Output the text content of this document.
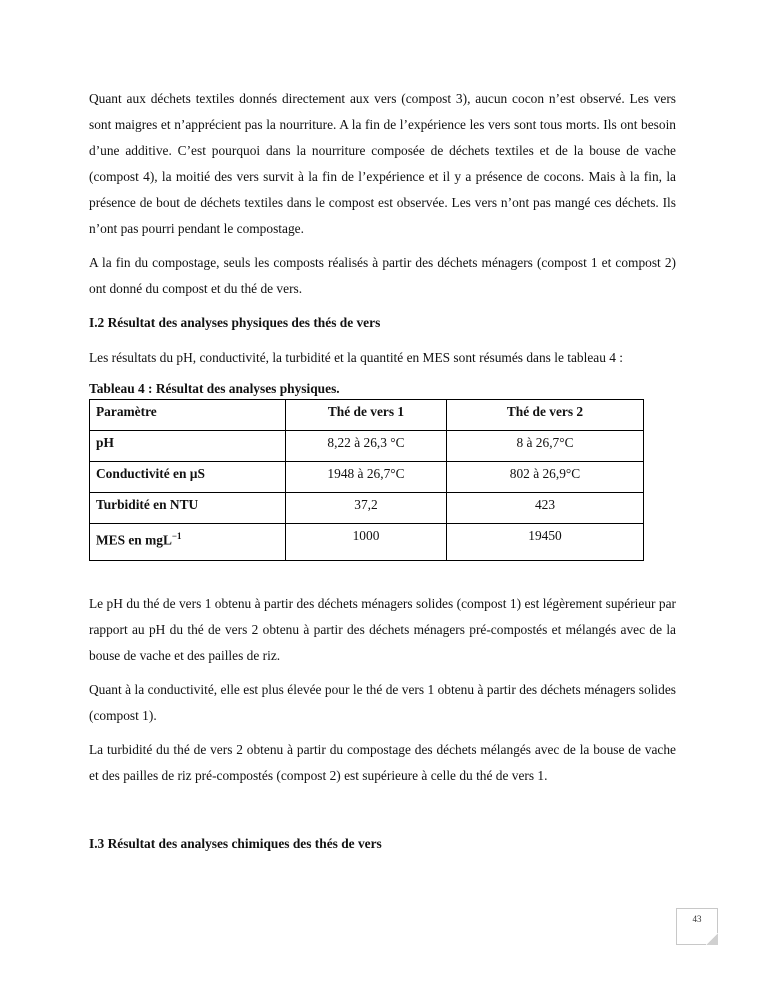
Quant aux déchets textiles donnés directement aux vers (compost 3), aucun cocon n’est observé. Les vers sont maigres et n’apprécient pas la nourriture. A la fin de l’expérience les vers sont tous morts. Ils ont besoin d’une additive. C’est pourquoi dans la nourriture composée de déchets textiles et de la bouse de vache (compost 4), la moitié des vers survit à la fin de l’expérience et il y a présence de cocons. Mais à la fin, la présence de bout de déchets textiles dans le compost est observée. Les vers n’ont pas mangé ces déchets. Ils n’ont pas pourri pendant le compostage.

A la fin du compostage, seuls les composts réalisés à partir des déchets ménagers (compost 1 et compost 2) ont donné du compost et du thé de vers.

I.2 Résultat des analyses physiques des thés de vers

Les résultats du pH, conductivité, la turbidité et la quantité en MES sont résumés dans le tableau 4 :

Tableau 4 : Résultat des analyses physiques.
Paramètre	Thé de vers 1	Thé de vers 2
pH	8,22 à 26,3 °C	8 à 26,7°C
Conductivité en µS	1948 à 26,7°C	802 à 26,9°C
Turbidité en NTU	37,2	423
MES en mgL$^{-1}$	1000	19450

Le pH du thé de vers 1 obtenu à partir des déchets ménagers solides (compost 1) est légèrement supérieur par rapport au pH du thé de vers 2 obtenu à partir des déchets ménagers pré-compostés et mélangés avec de la bouse de vache et des pailles de riz.

Quant à la conductivité, elle est plus élevée pour le thé de vers 1 obtenu à partir des déchets ménagers solides (compost 1).

La turbidité du thé de vers 2 obtenu à partir du compostage des déchets mélangés avec de la bouse de vache et des pailles de riz pré-compostés (compost 2) est supérieure à celle du thé de vers 1.

I.3 Résultat des analyses chimiques des thés de vers
43
